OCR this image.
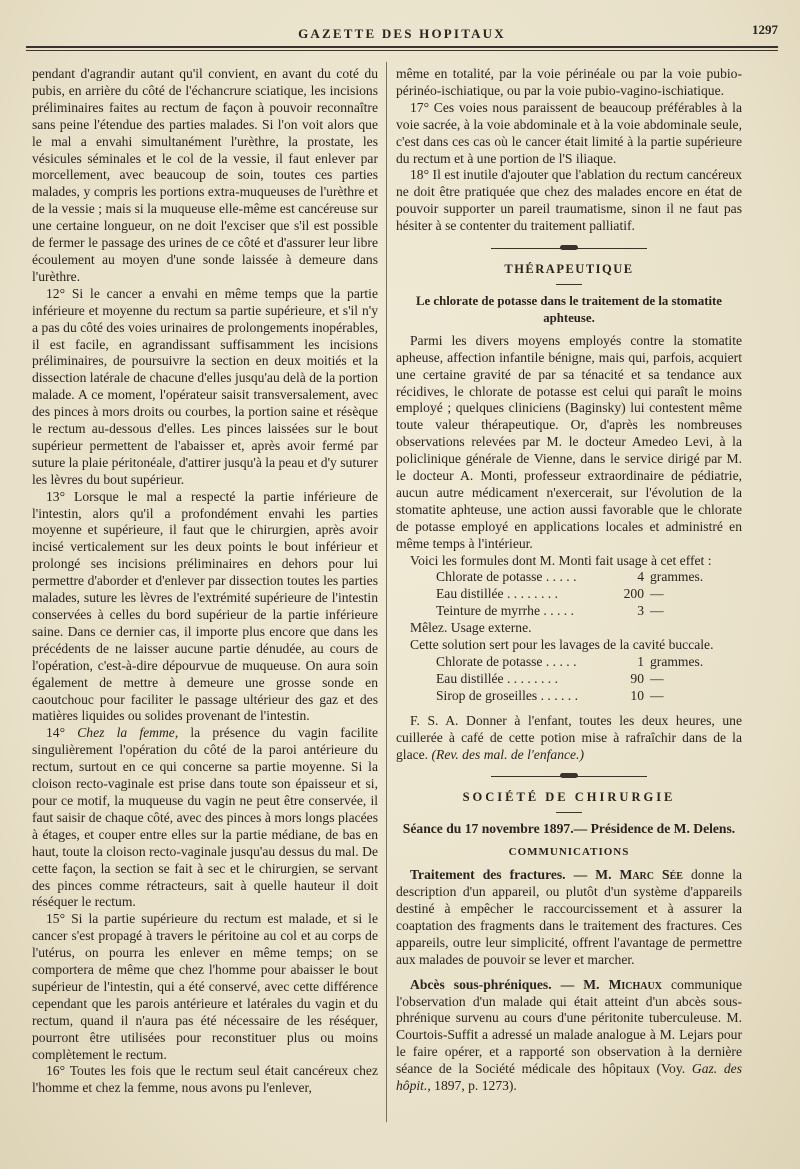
GAZETTE DES HOPITAUX	1297

pendant d'agrandir autant qu'il convient, en avant du coté du pubis, en arrière du côté de l'échancrure sciatique, les incisions préliminaires faites au rectum de façon à pouvoir reconnaître sans peine l'étendue des parties malades. Si l'on voit alors que le mal a envahi simultanément l'urèthre, la prostate, les vésicules séminales et le col de la vessie, il faut enlever par morcellement, avec beaucoup de soin, toutes ces parties malades, y compris les portions extra-muqueuses de l'urèthre et de la vessie ; mais si la muqueuse elle-même est cancéreuse sur une certaine longueur, on ne doit l'exciser que s'il est possible de fermer le passage des urines de ce côté et d'assurer leur libre écoulement au moyen d'une sonde laissée à demeure dans l'urèthre.

12° Si le cancer a envahi en même temps que la partie inférieure et moyenne du rectum sa partie supérieure, et s'il n'y a pas du côté des voies urinaires de prolongements inopérables, il est facile, en agrandissant suffisamment les incisions préliminaires, de poursuivre la section en deux moitiés et la dissection latérale de chacune d'elles jusqu'au delà de la portion malade. A ce moment, l'opérateur saisit transversalement, avec des pinces à mors droits ou courbes, la portion saine et résèque le rectum au-dessous d'elles. Les pinces laissées sur le bout supérieur permettent de l'abaisser et, après avoir fermé par suture la plaie péritonéale, d'attirer jusqu'à la peau et d'y suturer les lèvres du bout supérieur.

13° Lorsque le mal a respecté la partie inférieure de l'intestin, alors qu'il a profondément envahi les parties moyenne et supérieure, il faut que le chirurgien, après avoir incisé verticalement sur les deux points le bout inférieur et prolongé ses incisions préliminaires en dehors pour lui permettre d'aborder et d'enlever par dissection toutes les parties malades, suture les lèvres de l'extrémité supérieure de l'intestin conservées à celles du bord supérieur de la partie inférieure saine. Dans ce dernier cas, il importe plus encore que dans les précédents de ne laisser aucune partie dénudée, au cours de l'opération, c'est-à-dire dépourvue de muqueuse. On aura soin également de mettre à demeure une grosse sonde en caoutchouc pour faciliter le passage ultérieur des gaz et des matières liquides ou solides provenant de l'intestin.

14° Chez la femme, la présence du vagin facilite singulièrement l'opération du côté de la paroi antérieure du rectum, surtout en ce qui concerne sa partie moyenne. Si la cloison recto-vaginale est prise dans toute son épaisseur et si, pour ce motif, la muqueuse du vagin ne peut être conservée, il faut saisir de chaque côté, avec des pinces à mors longs placées à étages, et couper entre elles sur la partie médiane, de bas en haut, toute la cloison recto-vaginale jusqu'au dessus du mal. De cette façon, la section se fait à sec et le chirurgien, se servant des pinces comme rétracteurs, sait à quelle hauteur il doit réséquer le rectum.

15° Si la partie supérieure du rectum est malade, et si le cancer s'est propagé à travers le péritoine au col et au corps de l'utérus, on pourra les enlever en même temps; on se comportera de même que chez l'homme pour abaisser le bout supérieur de l'intestin, qui a été conservé, avec cette différence cependant que les parois antérieure et latérales du vagin et du rectum, quand il n'aura pas été nécessaire de les réséquer, pourront être utilisées pour reconstituer plus ou moins complètement le rectum.

16° Toutes les fois que le rectum seul était cancéreux chez l'homme et chez la femme, nous avons pu l'enlever,

même en totalité, par la voie périnéale ou par la voie pubio-périnéo-ischiatique, ou par la voie pubio-vagino-ischiatique.

17° Ces voies nous paraissent de beaucoup préférables à la voie sacrée, à la voie abdominale et à la voie abdominale seule, c'est dans ces cas où le cancer était limité à la partie supérieure du rectum et à une portion de l'S iliaque.

18° Il est inutile d'ajouter que l'ablation du rectum cancéreux ne doit être pratiquée que chez des malades encore en état de pouvoir supporter un pareil traumatisme, sinon il ne faut pas hésiter à se contenter du traitement palliatif.

THÉRAPEUTIQUE
Le chlorate de potasse dans le traitement de la stomatite aphteuse.

Parmi les divers moyens employés contre la stomatite apheuse, affection infantile bénigne, mais qui, parfois, acquiert une certaine gravité de par sa ténacité et sa tendance aux récidives, le chlorate de potasse est celui qui paraît le moins employé ; quelques cliniciens (Baginsky) lui contestent même toute valeur thérapeutique. Or, d'après les nombreuses observations relevées par M. le docteur Amedeo Levi, à la policlinique générale de Vienne, dans le service dirigé par M. le docteur A. Monti, professeur extraordinaire de pédiatrie, aucun autre médicament n'exercerait, sur l'évolution de la stomatite aphteuse, une action aussi favorable que le chlorate de potasse employé en applications locales et administré en même temps à l'intérieur.

Voici les formules dont M. Monti fait usage à cet effet :

Chlorate de potasse . . . . .	4 grammes.
Eau distillée . . . . . . . .	200 —
Teinture de myrrhe . . . . .	3 —

Mêlez. Usage externe.

Cette solution sert pour les lavages de la cavité buccale.

Chlorate de potasse . . . . .	1 grammes.
Eau distillée . . . . . . . .	90 —
Sirop de groseilles . . . . . .	10 —

F. S. A. Donner à l'enfant, toutes les deux heures, une cuillerée à café de cette potion mise à rafraîchir dans de la glace. (Rev. des mal. de l'enfance.)

SOCIÉTÉ DE CHIRURGIE
Séance du 17 novembre 1897.— Présidence de M. Delens.
COMMUNICATIONS

Traitement des fractures. — M. Marc Sée donne la description d'un appareil, ou plutôt d'un système d'appareils destiné à empêcher le raccourcissement et à assurer la coaptation des fragments dans le traitement des fractures. Ces appareils, outre leur simplicité, offrent l'avantage de permettre aux malades de pouvoir se lever et marcher.

Abcès sous-phréniques. — M. Michaux communique l'observation d'un malade qui était atteint d'un abcès sous-phrénique survenu au cours d'une péritonite tuberculeuse. M. Courtois-Suffit a adressé un malade analogue à M. Lejars pour le faire opérer, et a rapporté son observation à la dernière séance de la Société médicale des hôpitaux (Voy. Gaz. des hôpit., 1897, p. 1273).
